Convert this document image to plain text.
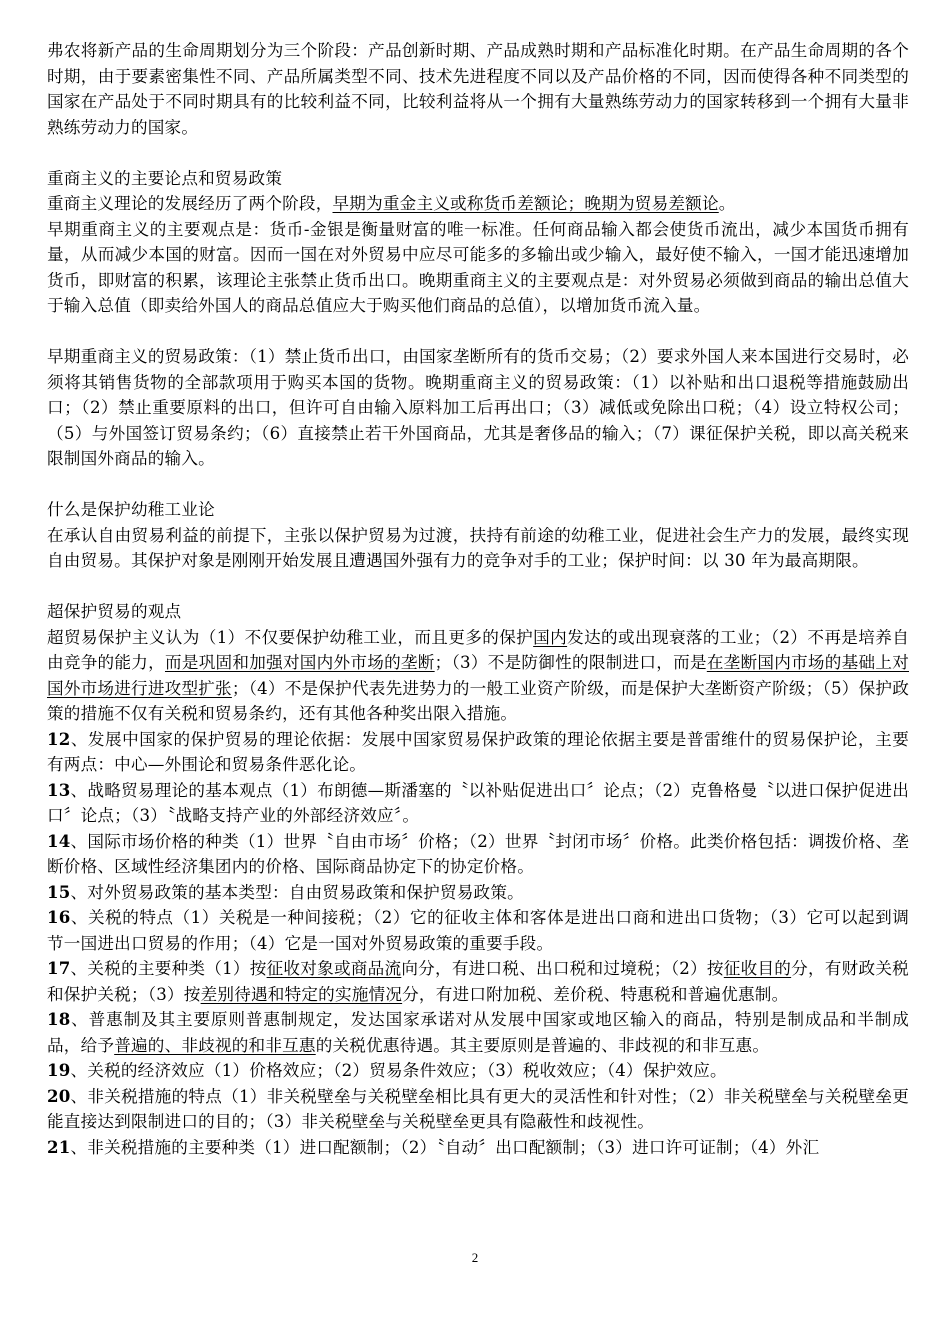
弗农将新产品的生命周期划分为三个阶段：产品创新时期、产品成熟时期和产品标准化时期。在产品生命周期的各个时期，由于要素密集性不同、产品所属类型不同、技术先进程度不同以及产品价格的不同，因而使得各种不同类型的国家在产品处于不同时期具有的比较利益不同，比较利益将从一个拥有大量熟练劳动力的国家转移到一个拥有大量非熟练劳动力的国家。

重商主义的主要论点和贸易政策

重商主义理论的发展经历了两个阶段，早期为重金主义或称货币差额论；晚期为贸易差额论。

早期重商主义的主要观点是：货币-金银是衡量财富的唯一标准。任何商品输入都会使货币流出，减少本国货币拥有量，从而减少本国的财富。因而一国在对外贸易中应尽可能多的多输出或少输入，最好使不输入，一国才能迅速增加货币，即财富的积累，该理论主张禁止货币出口。晚期重商主义的主要观点是：对外贸易必须做到商品的输出总值大于输入总值（即卖给外国人的商品总值应大于购买他们商品的总值），以增加货币流入量。

早期重商主义的贸易政策：（1）禁止货币出口，由国家垄断所有的货币交易；（2）要求外国人来本国进行交易时，必须将其销售货物的全部款项用于购买本国的货物。晚期重商主义的贸易政策：（1）以补贴和出口退税等措施鼓励出口；（2）禁止重要原料的出口，但许可自由输入原料加工后再出口；（3）减低或免除出口税；（4）设立特权公司；（5）与外国签订贸易条约；（6）直接禁止若干外国商品，尤其是奢侈品的输入；（7）课征保护关税，即以高关税来限制国外商品的输入。

什么是保护幼稚工业论

在承认自由贸易利益的前提下，主张以保护贸易为过渡，扶持有前途的幼稚工业，促进社会生产力的发展，最终实现自由贸易。其保护对象是刚刚开始发展且遭遇国外强有力的竞争对手的工业；保护时间：以 30 年为最高期限。

超保护贸易的观点

超贸易保护主义认为（1）不仅要保护幼稚工业，而且更多的保护国内发达的或出现衰落的工业；（2）不再是培养自由竞争的能力，而是巩固和加强对国内外市场的垄断；（3）不是防御性的限制进口，而是在垄断国内市场的基础上对国外市场进行进攻型扩张；（4）不是保护代表先进势力的一般工业资产阶级，而是保护大垄断资产阶级；（5）保护政策的措施不仅有关税和贸易条约，还有其他各种奖出限入措施。

12、发展中国家的保护贸易的理论依据：发展中国家贸易保护政策的理论依据主要是普雷维什的贸易保护论，主要有两点：中心—外围论和贸易条件恶化论。

13、战略贸易理论的基本观点（1）布朗德—斯潘塞的〝以补贴促进出口〞论点；（2）克鲁格曼〝以进口保护促进出口〞论点；（3）〝战略支持产业的外部经济效应〞。

14、国际市场价格的种类（1）世界〝自由市场〞价格；（2）世界〝封闭市场〞价格。此类价格包括：调拨价格、垄断价格、区域性经济集团内的价格、国际商品协定下的协定价格。

15、对外贸易政策的基本类型：自由贸易政策和保护贸易政策。

16、关税的特点（1）关税是一种间接税；（2）它的征收主体和客体是进出口商和进出口货物；（3）它可以起到调节一国进出口贸易的作用；（4）它是一国对外贸易政策的重要手段。

17、关税的主要种类（1）按征收对象或商品流向分，有进口税、出口税和过境税；（2）按征收目的分，有财政关税和保护关税；（3）按差别待遇和特定的实施情况分，有进口附加税、差价税、特惠税和普遍优惠制。

18、普惠制及其主要原则普惠制规定，发达国家承诺对从发展中国家或地区输入的商品，特别是制成品和半制成品，给予普遍的、非歧视的和非互惠的关税优惠待遇。其主要原则是普遍的、非歧视的和非互惠。

19、关税的经济效应（1）价格效应；（2）贸易条件效应；（3）税收效应；（4）保护效应。

20、非关税措施的特点（1）非关税壁垒与关税壁垒相比具有更大的灵活性和针对性；（2）非关税壁垒与关税壁垒更能直接达到限制进口的目的；（3）非关税壁垒与关税壁垒更具有隐蔽性和歧视性。

21、非关税措施的主要种类（1）进口配额制；（2）〝自动〞出口配额制；（3）进口许可证制；（4）外汇

2
